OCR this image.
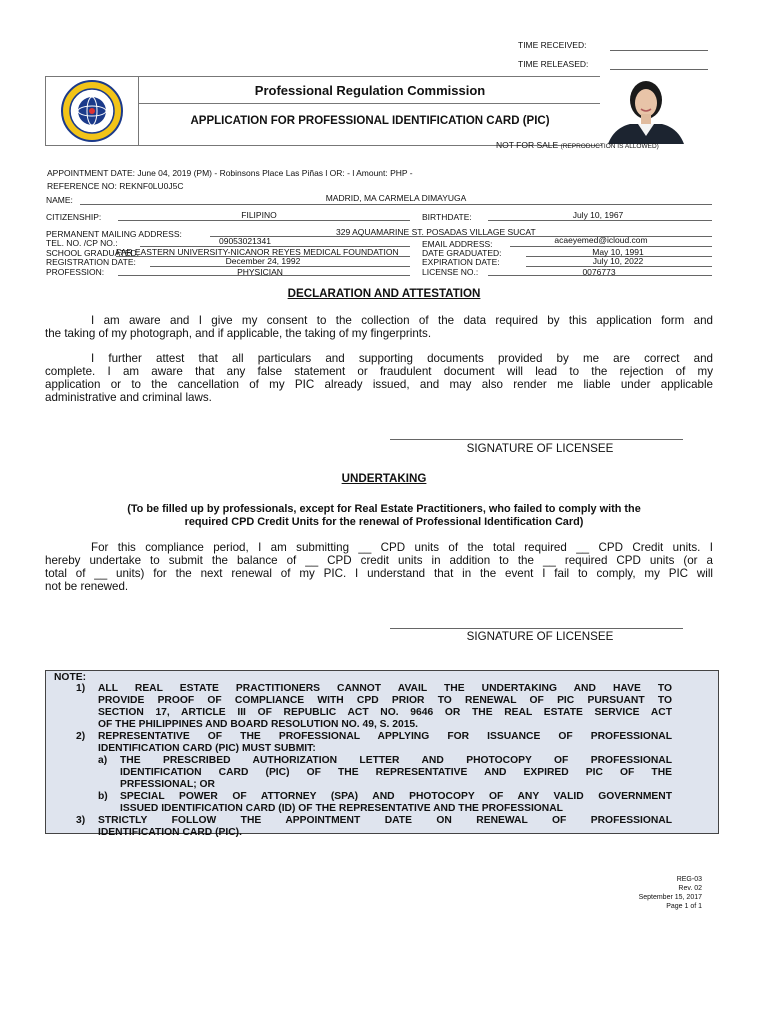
TIME RECEIVED:
TIME RELEASED:
Professional Regulation Commission
APPLICATION FOR PROFESSIONAL IDENTIFICATION CARD (PIC)
NOT FOR SALE (REPRODUCTION IS ALLOWED)
APPOINTMENT DATE: June 04, 2019 (PM) - Robinsons Place Las Piñas l OR: - l Amount: PHP -
REFERENCE NO: REKNF0LU0J5C
NAME:	MADRID, MA CARMELA DIMAYUGA
CITIZENSHIP:	FILIPINO	BIRTHDATE:	July 10, 1967
PERMANENT MAILING ADDRESS:	329 AQUAMARINE ST. POSADAS VILLAGE SUCAT
TEL. NO. /CP NO.:	09053021341	EMAIL ADDRESS:	acaeyemed@icloud.com
SCHOOL GRADUATED:
FAR EASTERN UNIVERSITY-NICANOR REYES MEDICAL FOUNDATION	DATE GRADUATED:	May 10, 1991
REGISTRATION DATE:	December 24, 1992	EXPIRATION DATE:	July 10, 2022
PROFESSION:	PHYSICIAN	LICENSE NO.:	0076773
DECLARATION AND ATTESTATION
I am aware and I give my consent to the collection of the data required by this application form and
the taking of my photograph, and if applicable, the taking of my fingerprints.
I further attest that all particulars and supporting documents provided by me are correct and
complete. I am aware that any false statement or fraudulent document will lead to the rejection of my
application or to the cancellation of my PIC already issued, and may also render me liable under applicable
administrative and criminal laws.
SIGNATURE OF LICENSEE
UNDERTAKING
(To be filled up by professionals, except for Real Estate Practitioners, who failed to comply with the
required CPD Credit Units for the renewal of Professional Identification Card)
For this compliance period, I am submitting __ CPD units of the total required __ CPD Credit units. I
hereby undertake to submit the balance of __ CPD credit units in addition to the __ required CPD units (or a
total of __ units) for the next renewal of my PIC. I understand that in the event I fail to comply, my PIC will
not be renewed.
SIGNATURE OF LICENSEE
NOTE:
1) ALL REAL ESTATE PRACTITIONERS CANNOT AVAIL THE UNDERTAKING AND HAVE TO
PROVIDE PROOF OF COMPLIANCE WITH CPD PRIOR TO RENEWAL OF PIC PURSUANT TO
SECTION 17, ARTICLE III OF REPUBLIC ACT NO. 9646 OR THE REAL ESTATE SERVICE ACT
OF THE PHILIPPINES AND BOARD RESOLUTION NO. 49, S. 2015.
2) REPRESENTATIVE OF THE PROFESSIONAL APPLYING FOR ISSUANCE OF PROFESSIONAL
IDENTIFICATION CARD (PIC) MUST SUBMIT:
a) THE PRESCRIBED AUTHORIZATION LETTER AND PHOTOCOPY OF PROFESSIONAL
IDENTIFICATION CARD (PIC) OF THE REPRESENTATIVE AND EXPIRED PIC OF THE
PRFESSIONAL; OR
b) SPECIAL POWER OF ATTORNEY (SPA) AND PHOTOCOPY OF ANY VALID GOVERNMENT
ISSUED IDENTIFICATION CARD (ID) OF THE REPRESENTATIVE AND THE PROFESSIONAL
3) STRICTLY FOLLOW THE APPOINTMENT DATE ON RENEWAL OF PROFESSIONAL
IDENTIFICATION CARD (PIC).
REG-03
Rev. 02
September 15, 2017
Page 1 of 1
